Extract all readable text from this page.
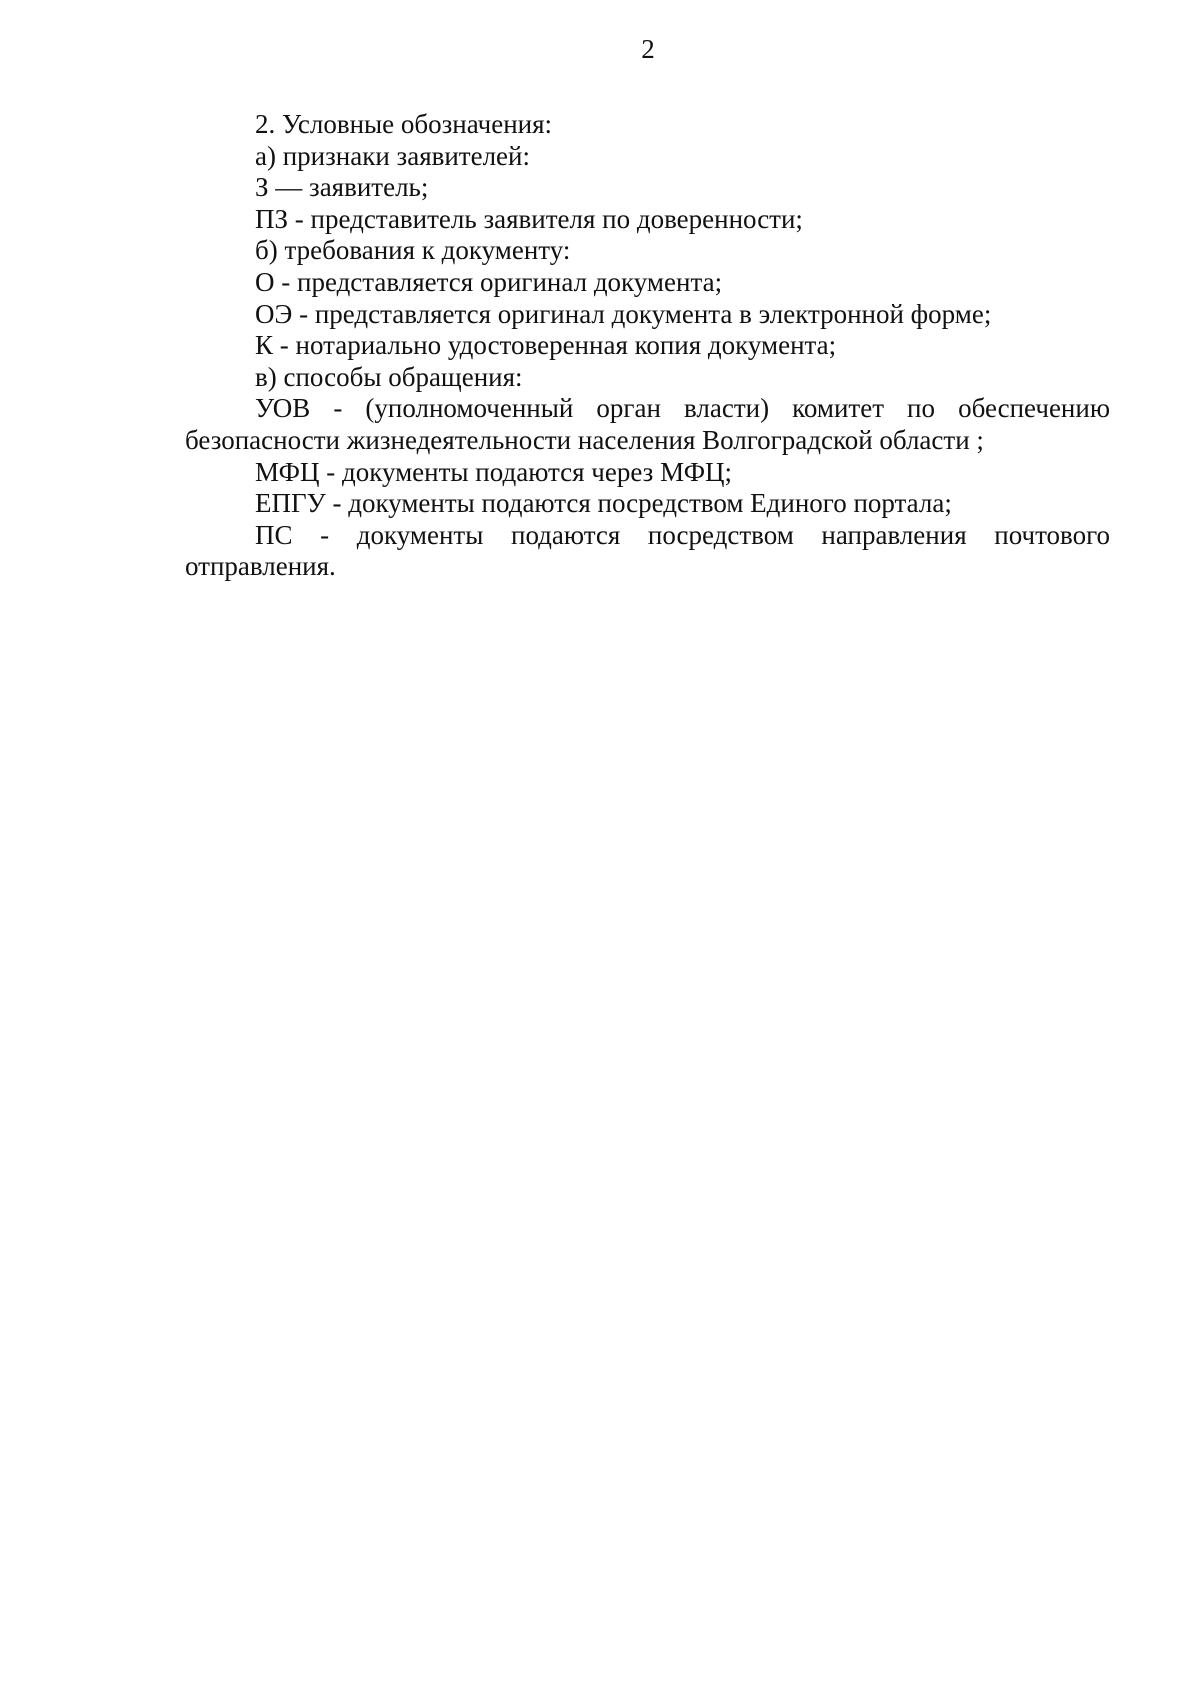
2
2. Условные обозначения:
а) признаки заявителей:
З — заявитель;
ПЗ - представитель заявителя по доверенности;
б) требования к документу:
О - представляется оригинал документа;
ОЭ - представляется оригинал документа в электронной форме;
К - нотариально удостоверенная копия документа;
в) способы обращения:
УОВ - (уполномоченный орган власти) комитет по обеспечению безопасности жизнедеятельности населения Волгоградской области ;
МФЦ - документы подаются через МФЦ;
ЕПГУ - документы подаются посредством Единого портала;
ПС - документы подаются посредством направления почтового отправления.
